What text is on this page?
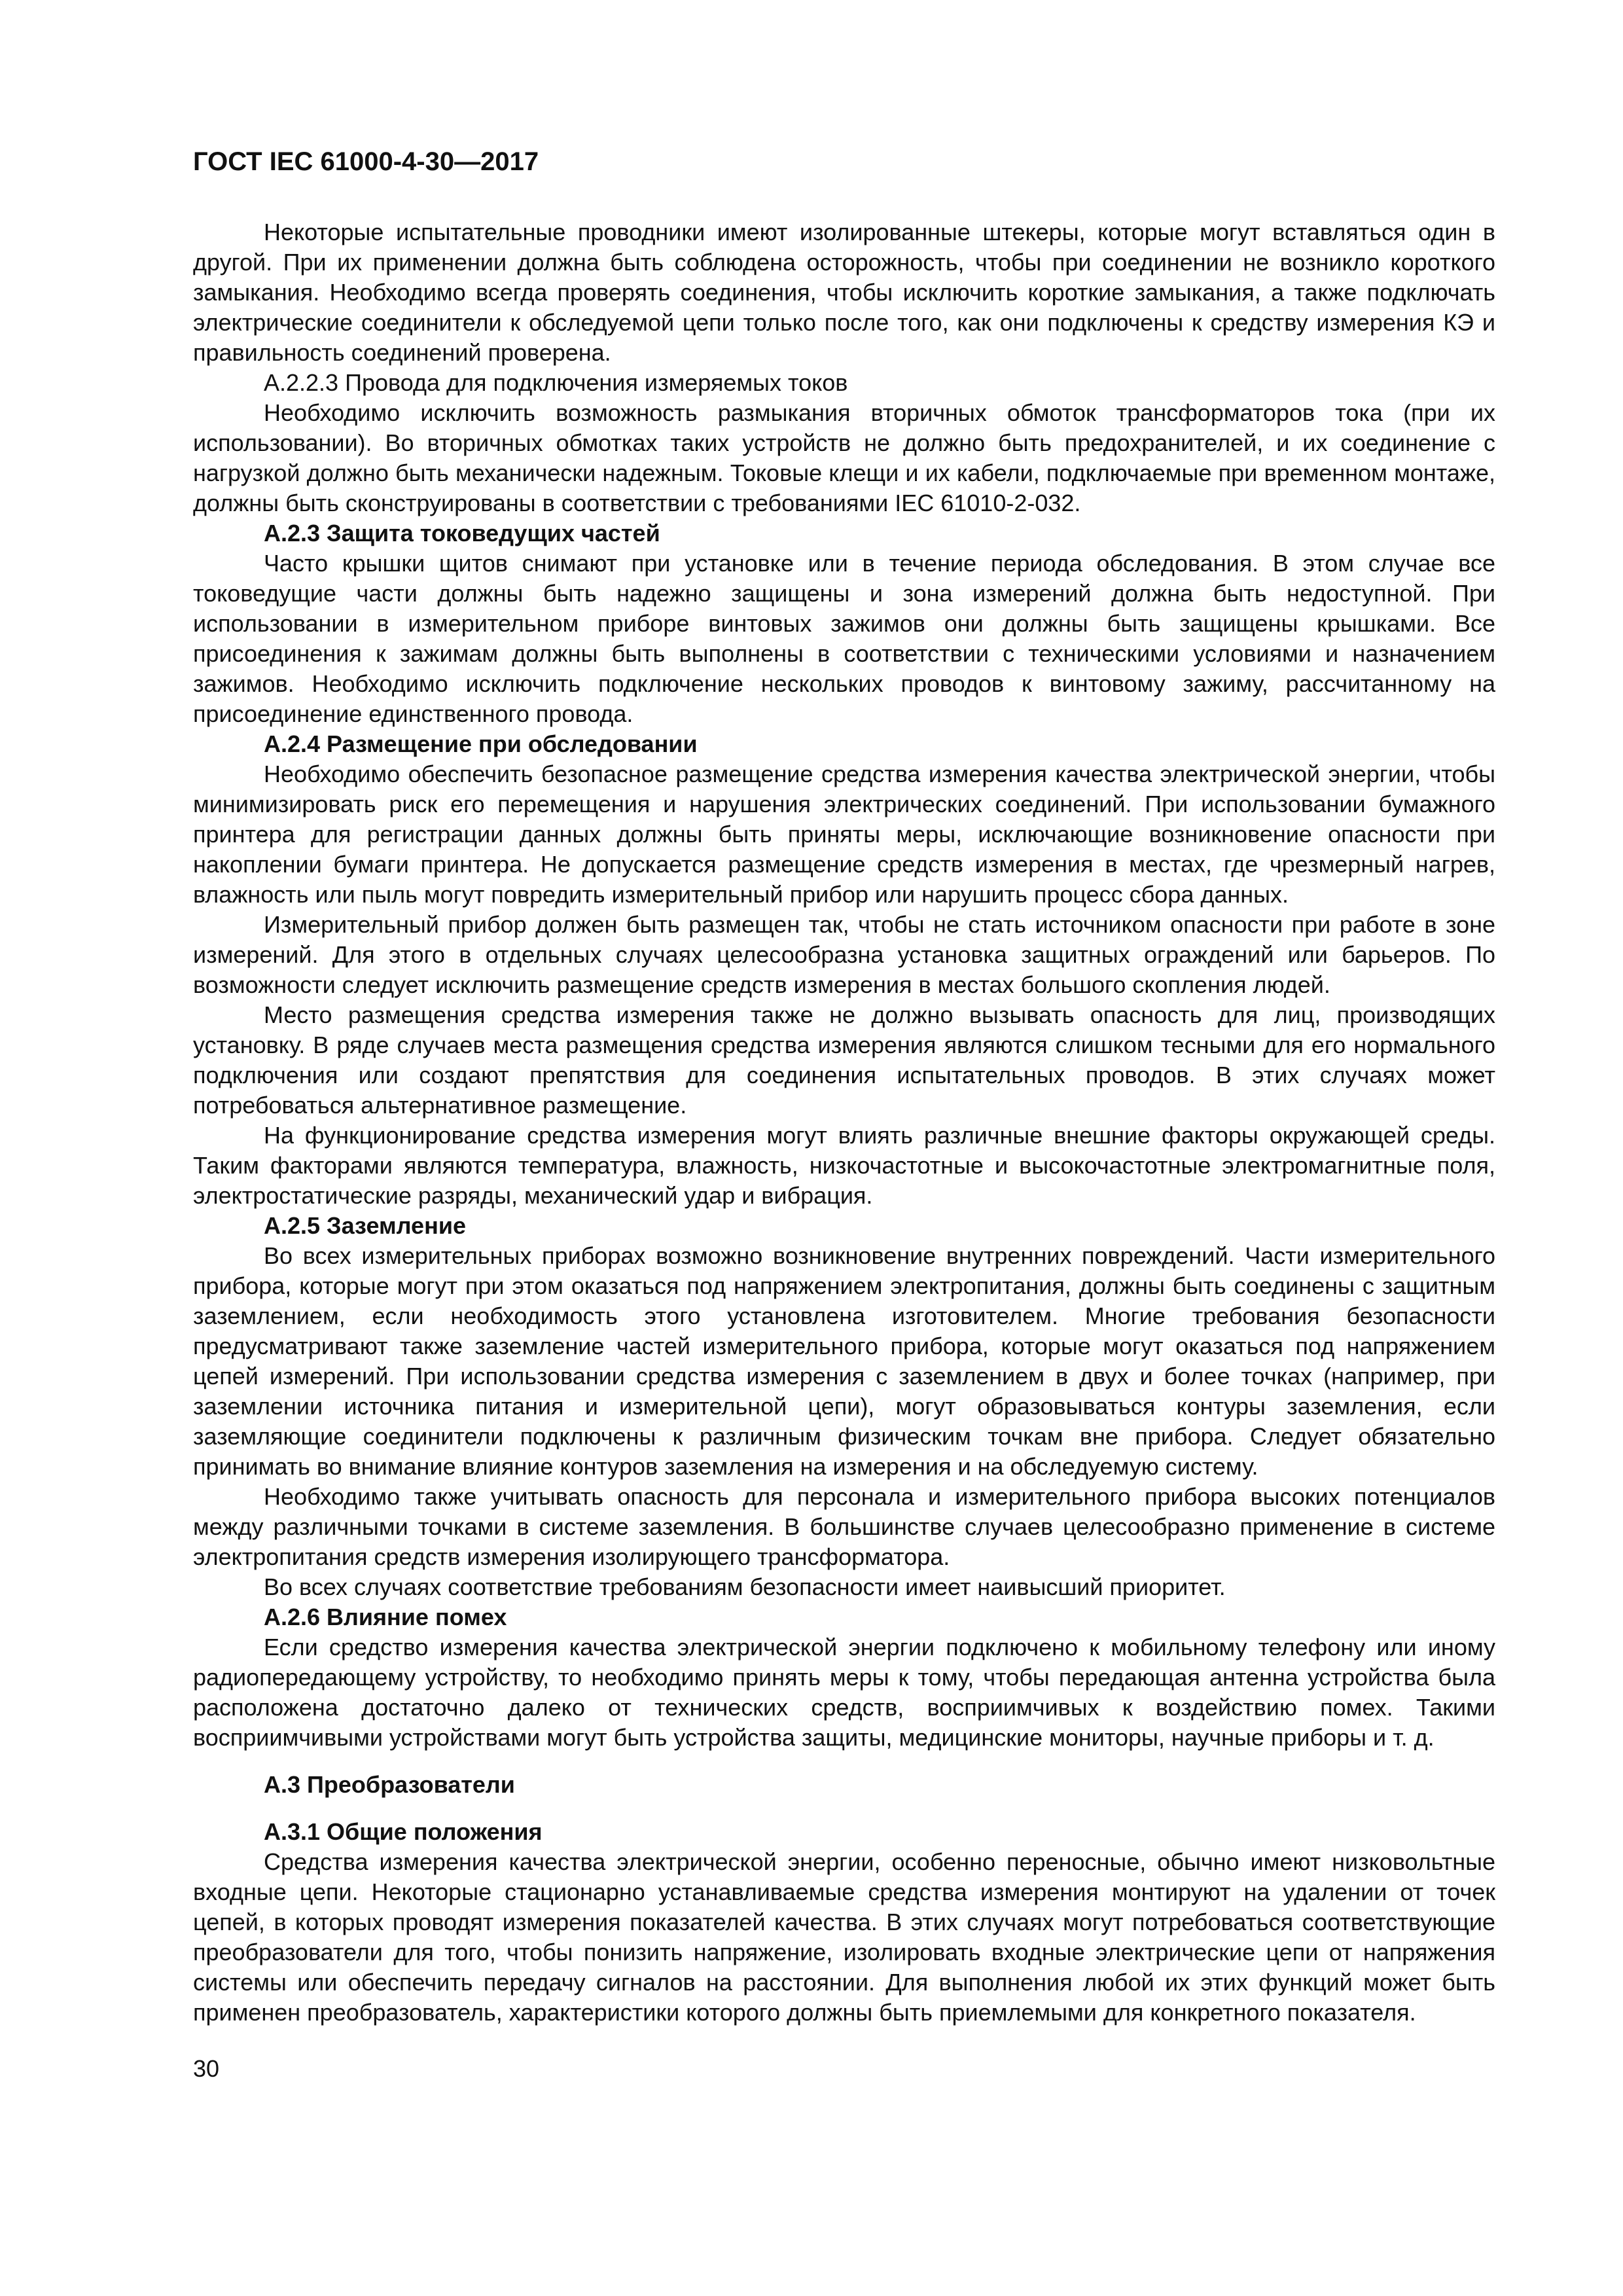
ГОСТ IEC 61000-4-30—2017

Некоторые испытательные проводники имеют изолированные штекеры, которые могут вставляться один в другой. При их применении должна быть соблюдена осторожность, чтобы при соединении не возникло короткого замыкания. Необходимо всегда проверять соединения, чтобы исключить короткие замыкания, а также подключать электрические соединители к обследуемой цепи только после того, как они подключены к средству измерения КЭ и правильность соединений проверена.

А.2.2.3 Провода для подключения измеряемых токов

Необходимо исключить возможность размыкания вторичных обмоток трансформаторов тока (при их использовании). Во вторичных обмотках таких устройств не должно быть предохранителей, и их соединение с нагрузкой должно быть механически надежным. Токовые клещи и их кабели, подключаемые при временном монтаже, должны быть сконструированы в соответствии с требованиями IEC 61010-2-032.

А.2.3 Защита токоведущих частей

Часто крышки щитов снимают при установке или в течение периода обследования. В этом случае все токоведущие части должны быть надежно защищены и зона измерений должна быть недоступной. При использовании в измерительном приборе винтовых зажимов они должны быть защищены крышками. Все присоединения к зажимам должны быть выполнены в соответствии с техническими условиями и назначением зажимов. Необходимо исключить подключение нескольких проводов к винтовому зажиму, рассчитанному на присоединение единственного провода.

А.2.4 Размещение при обследовании

Необходимо обеспечить безопасное размещение средства измерения качества электрической энергии, чтобы минимизировать риск его перемещения и нарушения электрических соединений. При использовании бумажного принтера для регистрации данных должны быть приняты меры, исключающие возникновение опасности при накоплении бумаги принтера. Не допускается размещение средств измерения в местах, где чрезмерный нагрев, влажность или пыль могут повредить измерительный прибор или нарушить процесс сбора данных.

Измерительный прибор должен быть размещен так, чтобы не стать источником опасности при работе в зоне измерений. Для этого в отдельных случаях целесообразна установка защитных ограждений или барьеров. По возможности следует исключить размещение средств измерения в местах большого скопления людей.

Место размещения средства измерения также не должно вызывать опасность для лиц, производящих установку. В ряде случаев места размещения средства измерения являются слишком тесными для его нормального подключения или создают препятствия для соединения испытательных проводов. В этих случаях может потребоваться альтернативное размещение.

На функционирование средства измерения могут влиять различные внешние факторы окружающей среды. Таким факторами являются температура, влажность, низкочастотные и высокочастотные электромагнитные поля, электростатические разряды, механический удар и вибрация.

А.2.5 Заземление

Во всех измерительных приборах возможно возникновение внутренних повреждений. Части измерительного прибора, которые могут при этом оказаться под напряжением электропитания, должны быть соединены с защитным заземлением, если необходимость этого установлена изготовителем. Многие требования безопасности предусматривают также заземление частей измерительного прибора, которые могут оказаться под напряжением цепей измерений. При использовании средства измерения с заземлением в двух и более точках (например, при заземлении источника питания и измерительной цепи), могут образовываться контуры заземления, если заземляющие соединители подключены к различным физическим точкам вне прибора. Следует обязательно принимать во внимание влияние контуров заземления на измерения и на обследуемую систему.

Необходимо также учитывать опасность для персонала и измерительного прибора высоких потенциалов между различными точками в системе заземления. В большинстве случаев целесообразно применение в системе электропитания средств измерения изолирующего трансформатора.

Во всех случаях соответствие требованиям безопасности имеет наивысший приоритет.

А.2.6 Влияние помех

Если средство измерения качества электрической энергии подключено к мобильному телефону или иному радиопередающему устройству, то необходимо принять меры к тому, чтобы передающая антенна устройства была расположена достаточно далеко от технических средств, восприимчивых к воздействию помех. Такими восприимчивыми устройствами могут быть устройства защиты, медицинские мониторы, научные приборы и т. д.

А.3 Преобразователи

А.3.1 Общие положения

Средства измерения качества электрической энергии, особенно переносные, обычно имеют низковольтные входные цепи. Некоторые стационарно устанавливаемые средства измерения монтируют на удалении от точек цепей, в которых проводят измерения показателей качества. В этих случаях могут потребоваться соответствующие преобразователи для того, чтобы понизить напряжение, изолировать входные электрические цепи от напряжения системы или обеспечить передачу сигналов на расстоянии. Для выполнения любой их этих функций может быть применен преобразователь, характеристики которого должны быть приемлемыми для конкретного показателя.

30
